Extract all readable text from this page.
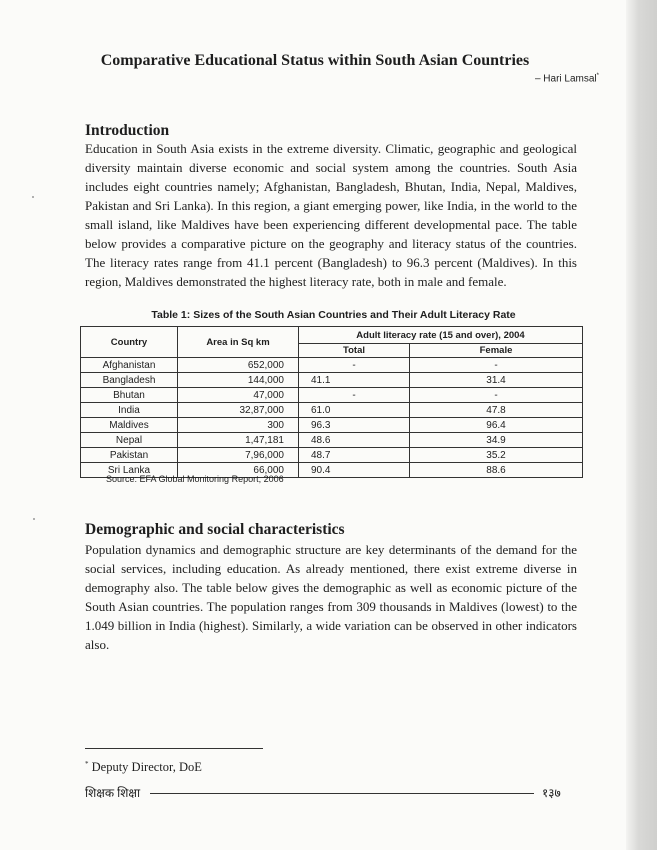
Comparative Educational Status within South Asian Countries
– Hari Lamsal*
Introduction

Education in South Asia exists in the extreme diversity. Climatic, geographic and geological diversity maintain diverse economic and social system among the countries. South Asia includes eight countries namely; Afghanistan, Bangladesh, Bhutan, India, Nepal, Maldives, Pakistan and Sri Lanka). In this region, a giant emerging power, like India, in the world to the small island, like Maldives have been experiencing different developmental pace. The table below provides a comparative picture on the geography and literacy status of the countries. The literacy rates range from 41.1 percent (Bangladesh) to 96.3 percent (Maldives). In this region, Maldives demonstrated the highest literacy rate, both in male and female.

Table 1: Sizes of the South Asian Countries and Their Adult Literacy Rate
Country	Area in Sq km	Adult literacy rate (15 and over), 2004	
		Total	Female
Afghanistan	652,000	-	-
Bangladesh	144,000	41.1	31.4
Bhutan	47,000	-	-
India	32,87,000	61.0	47.8
Maldives	300	96.3	96.4
Nepal	1,47,181	48.6	34.9
Pakistan	7,96,000	48.7	35.2
Sri Lanka	66,000	90.4	88.6
Source: EFA Global Monitoring Report, 2006
Demographic and social characteristics

Population dynamics and demographic structure are key determinants of the demand for the social services, including education. As already mentioned, there exist extreme diverse in demography also. The table below gives the demographic as well as economic picture of the South Asian countries. The population ranges from 309 thousands in Maldives (lowest) to the 1.049 billion in India (highest). Similarly, a wide variation can be observed in other indicators also.

* Deputy Director, DoE
शिक्षक शिक्षा	१३७
